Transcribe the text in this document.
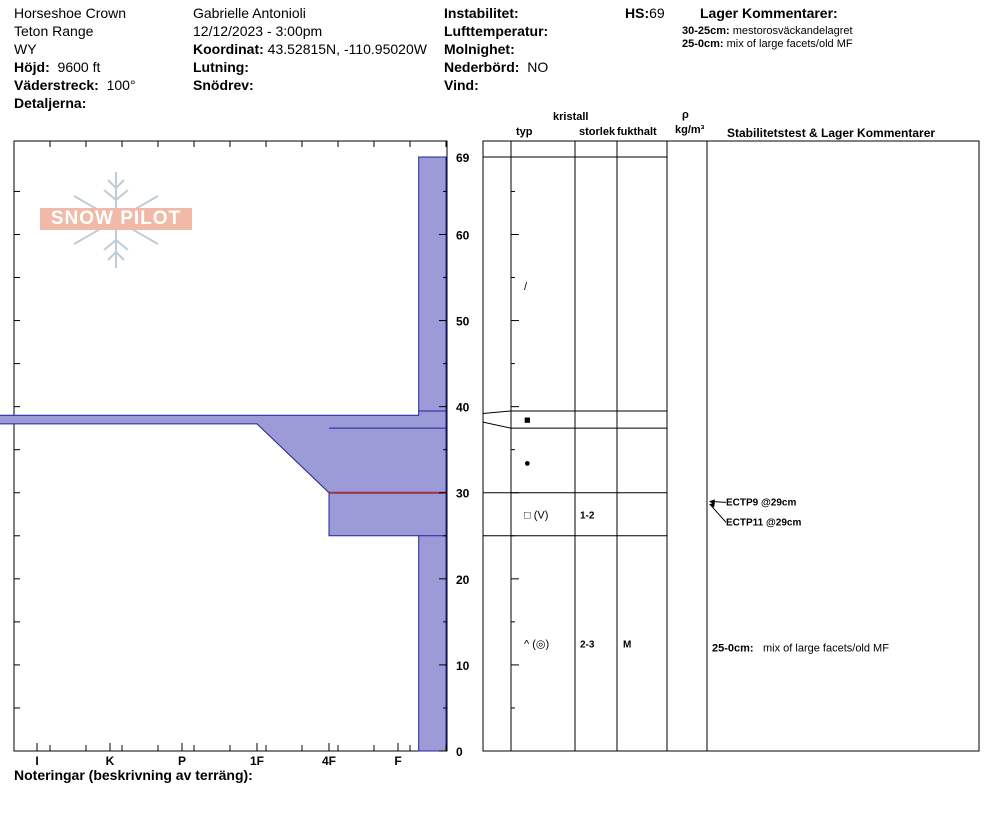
Horseshoe Crown
Teton Range
WY
Höjd: 9600 ft
Väderstreck: 100°
Detaljerna:
Gabrielle Antonioli
12/12/2023 - 3:00pm
Koordinat: 43.52815N, -110.95020W
Lutning:
Snödrev:
Instabilitet:
Lufttemperatur:
Molnighet:
Nederbörd: NO
Vind:
HS:69	Lager Kommentarer:
30-25cm: mestorosväckandelagret
25-0cm: mix of large facets/old MF
kristall
typ	storlek fukthalt
ρ
kg/m³ Stabilitetstest & Lager Kommentarer
SNOW PILOT
I	K	P	1F	4F	F
0
10
20
30
40
50
60
69
/
■
●
□ (V)	1-2
^ (◎)	2-3	M
ECTP9 @29cm
ECTP11 @29cm
25-0cm: mix of large facets/old MF
Noteringar (beskrivning av terräng):
